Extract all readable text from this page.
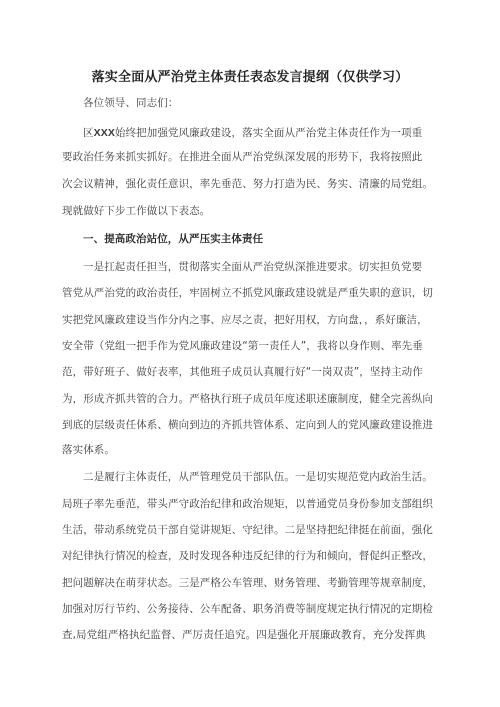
落实全面从严治党主体责任表态发言提纲（仅供学习）
各位领导、同志们：
区XXX始终把加强党风廉政建设，落实全面从严治党主体责任作为一项重
要政治任务来抓实抓好。在推进全面从严治党纵深发展的形势下，我将按照此
次会议精神，强化责任意识，率先垂范、努力打造为民、务实、清廉的局党组。
现就做好下步工作做以下表态。
一、提高政治站位，从严压实主体责任
一是扛起责任担当，贯彻落实全面从严治党纵深推进要求。切实担负党要
管党从严治党的政治责任，牢固树立不抓党风廉政建设就是严重失职的意识，切
实把党风廉政建设当作分内之事、应尽之责，把好用权，方向盘，，系好廉洁，
安全带（党组一把手作为党风廉政建设“第一责任人”，我将以身作则、率先垂
范，带好班子、做好表率，其他班子成员认真履行好“一岗双责”，坚持主动作
为，形成齐抓共管的合力。严格执行班子成员年度述职述廉制度，健全完善纵向
到底的层级责任体系、横向到边的齐抓共管体系、定向到人的党风廉政建设推进
落实体系。
二是履行主体责任，从严管理党员干部队伍。一是切实规范党内政治生活。
局班子率先垂范，带头严守政治纪律和政治规矩，以普通党员身份参加支部组织
生活，带动系统党员干部自觉讲规矩、守纪律。二是坚持把纪律挺在前面，强化
对纪律执行情况的检查，及时发现各种违反纪律的行为和倾向，督促纠正整改，
把问题解决在萌芽状态。三是严格公车管理、财务管理、考勤管理等规章制度，
加强对厉行节约、公务接待、公车配备、职务消费等制度规定执行情况的定期检
查,局党组严格执纪监督、严厉责任追究。四是强化开展廉政教育，充分发挥典
